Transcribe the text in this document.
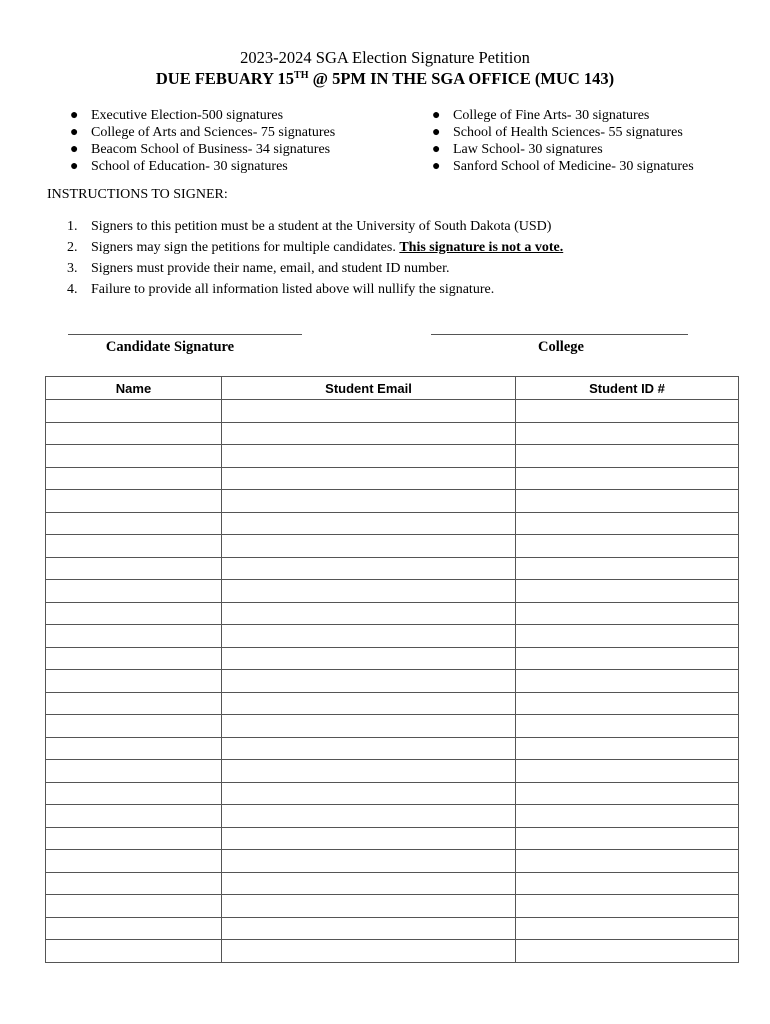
2023-2024 SGA Election Signature Petition
DUE FEBUARY 15TH @ 5PM IN THE SGA OFFICE (MUC 143)
● Executive Election-500 signatures
● College of Arts and Sciences- 75 signatures
● Beacom School of Business- 34 signatures
● School of Education- 30 signatures
● College of Fine Arts- 30 signatures
● School of Health Sciences- 55 signatures
● Law School- 30 signatures
● Sanford School of Medicine- 30 signatures
INSTRUCTIONS TO SIGNER:
1. Signers to this petition must be a student at the University of South Dakota (USD)
2. Signers may sign the petitions for multiple candidates. This signature is not a vote.
3. Signers must provide their name, email, and student ID number.
4. Failure to provide all information listed above will nullify the signature.
Candidate Signature	College
Name	Student Email	Student ID #
